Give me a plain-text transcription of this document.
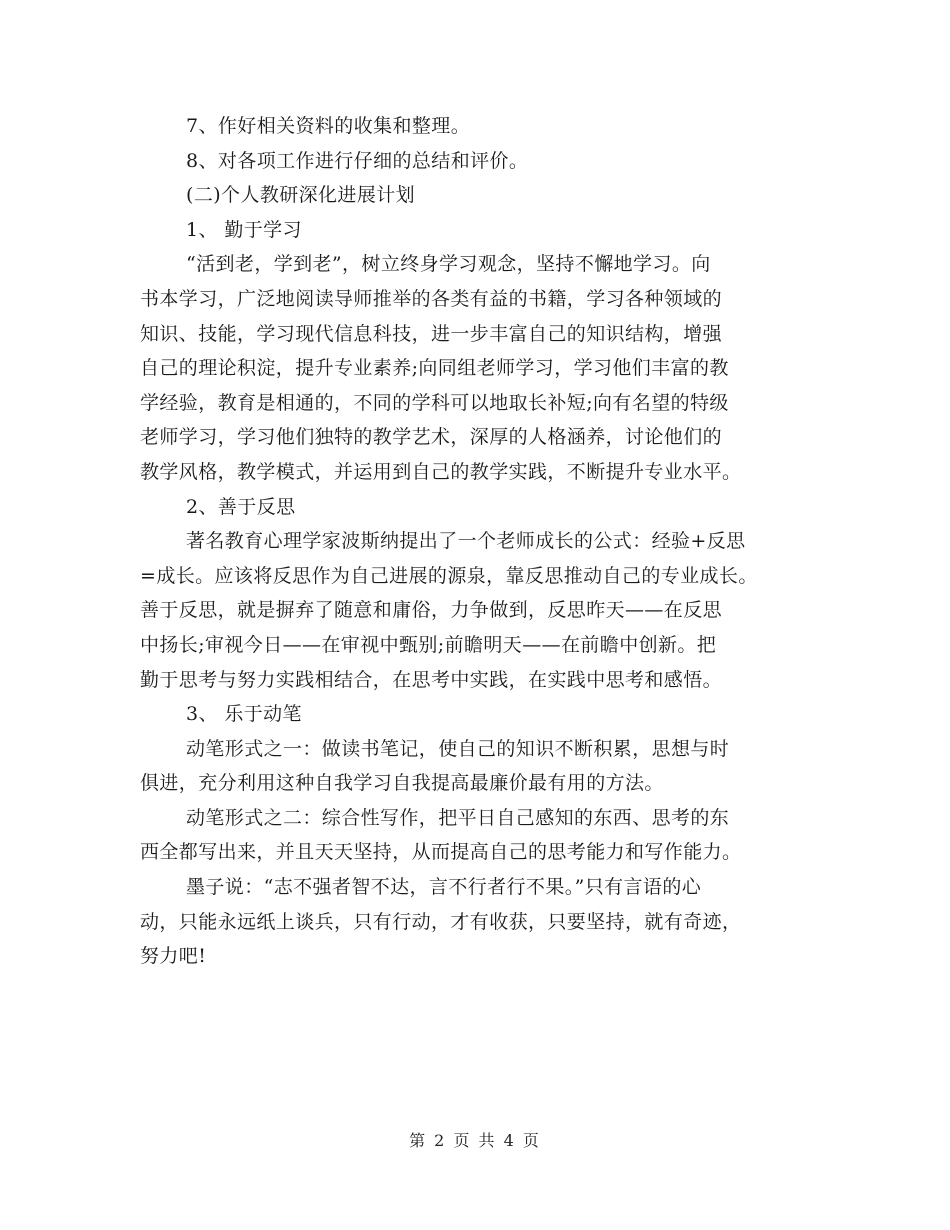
7、作好相关资料的收集和整理。
8、对各项工作进行仔细的总结和评价。
(二)个人教研深化进展计划
1、 勤于学习
“活到老，学到老”，树立终身学习观念，坚持不懈地学习。向
书本学习，广泛地阅读导师推举的各类有益的书籍，学习各种领域的
知识、技能，学习现代信息科技，进一步丰富自己的知识结构，增强
自己的理论积淀，提升专业素养;向同组老师学习，学习他们丰富的教
学经验，教育是相通的，不同的学科可以地取长补短;向有名望的特级
老师学习，学习他们独特的教学艺术，深厚的人格涵养，讨论他们的
教学风格，教学模式，并运用到自己的教学实践，不断提升专业水平。
2、善于反思
著名教育心理学家波斯纳提出了一个老师成长的公式：经验+反思
=成长。应该将反思作为自己进展的源泉，靠反思推动自己的专业成长。
善于反思，就是摒弃了随意和庸俗，力争做到，反思昨天——在反思
中扬长;审视今日——在审视中甄别;前瞻明天——在前瞻中创新。把
勤于思考与努力实践相结合，在思考中实践，在实践中思考和感悟。
3、 乐于动笔
动笔形式之一：做读书笔记，使自己的知识不断积累，思想与时
俱进，充分利用这种自我学习自我提高最廉价最有用的方法。
动笔形式之二：综合性写作，把平日自己感知的东西、思考的东
西全都写出来，并且天天坚持，从而提高自己的思考能力和写作能力。
墨子说：“志不强者智不达，言不行者行不果。”只有言语的心
动，只能永远纸上谈兵，只有行动，才有收获，只要坚持，就有奇迹，
努力吧!
第 2 页 共 4 页
